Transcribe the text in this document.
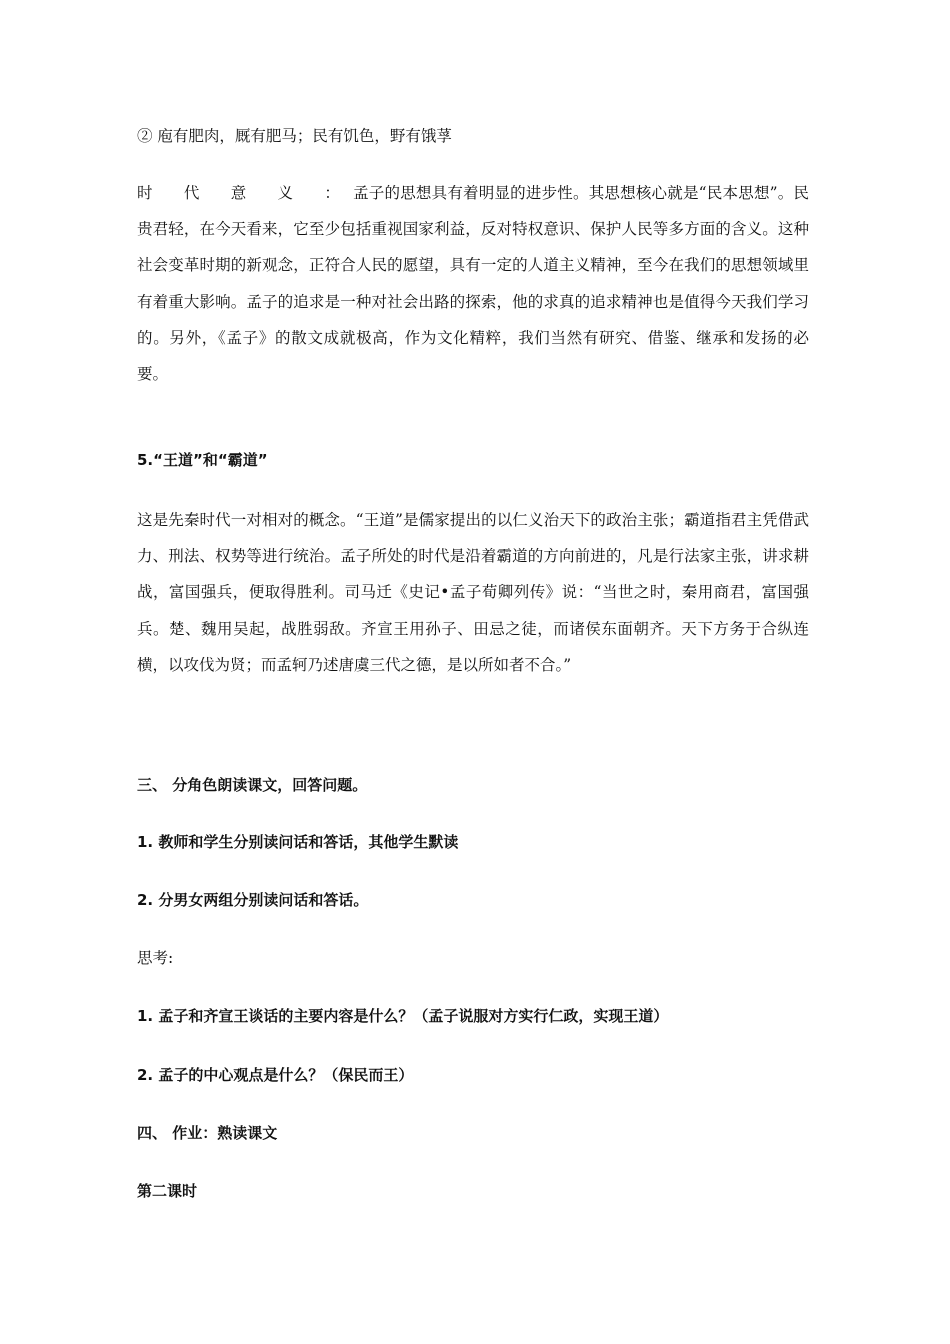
② 庖有肥肉，厩有肥马；民有饥色，野有饿莩
时 代 意 义 ：孟子的思想具有着明显的进步性。其思想核心就是“民本思想”。民贵君轻，在今天看来，它至少包括重视国家利益，反对特权意识、保护人民等多方面的含义。这种社会变革时期的新观念，正符合人民的愿望，具有一定的人道主义精神，至今在我们的思想领域里有着重大影响。孟子的追求是一种对社会出路的探索，他的求真的追求精神也是值得今天我们学习的。另外，《孟子》的散文成就极高，作为文化精粹，我们当然有研究、借鉴、继承和发扬的必要。
5.“王道”和“霸道”
这是先秦时代一对相对的概念。“王道”是儒家提出的以仁义治天下的政治主张；霸道指君主凭借武力、刑法、权势等进行统治。孟子所处的时代是沿着霸道的方向前进的，凡是行法家主张，讲求耕战，富国强兵，便取得胜利。司马迁《史记•孟子荀卿列传》说：“当世之时，秦用商君，富国强兵。楚、魏用吴起，战胜弱敌。齐宣王用孙子、田忌之徒，而诸侯东面朝齐。天下方务于合纵连横，以攻伐为贤；而孟轲乃述唐虞三代之德，是以所如者不合。”
三、 分角色朗读课文，回答问题。
1. 教师和学生分别读问话和答话，其他学生默读
2. 分男女两组分别读问话和答话。
思考:
1. 孟子和齐宣王谈话的主要内容是什么？（孟子说服对方实行仁政，实现王道）
2. 孟子的中心观点是什么？（保民而王）
四、 作业：熟读课文
第二课时
